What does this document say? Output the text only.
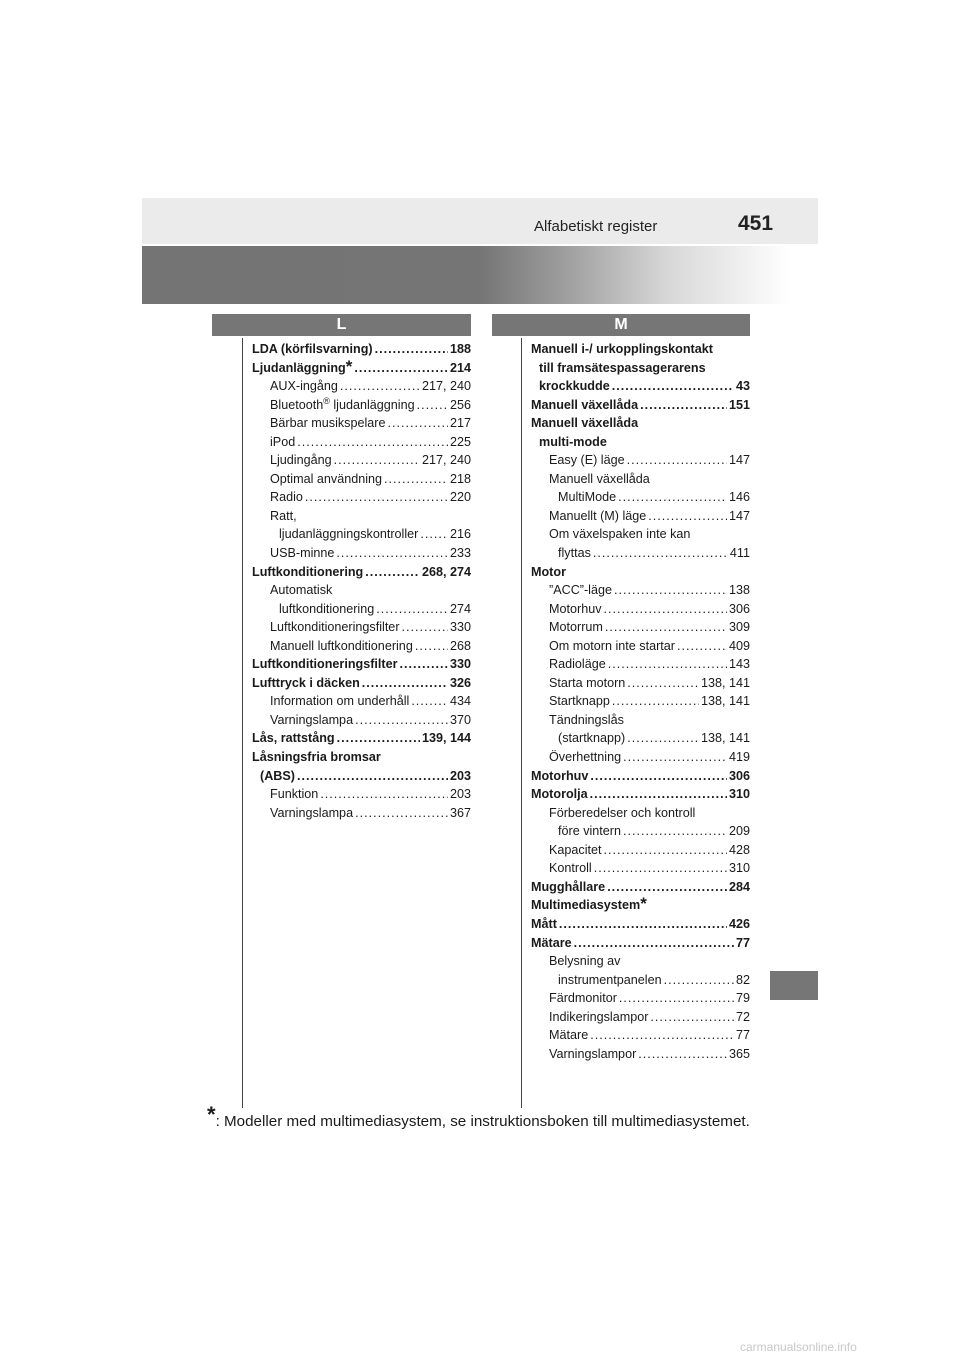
Alfabetiskt register	451
L	M
LDA (körfilsvarning) .....	188
Ljudanläggning * .....	214
AUX-ingång .....	217, 240
Bluetooth® ljudanläggning .....	256
Bärbar musikspelare .....	217
iPod .....	225
Ljudingång .....	217, 240
Optimal användning .....	218
Radio .....	220
Ratt,
ljudanläggningskontroller .....	216
USB-minne .....	233
Luftkonditionering .....	268, 274
Automatisk
luftkonditionering .....	274
Luftkonditioneringsfilter .....	330
Manuell luftkonditionering .....	268
Luftkonditioneringsfilter .....	330
Lufttryck i däcken .....	326
Information om underhåll .....	434
Varningslampa .....	370
Lås, rattstång .....	139, 144
Låsningsfria bromsar
(ABS) .....	203
Funktion .....	203
Varningslampa .....	367
Manuell i-/ urkopplingskontakt
till framsätespassagerarens
krockkudde .....	43
Manuell växellåda .....	151
Manuell växellåda
multi-mode
Easy (E) läge .....	147
Manuell växellåda
MultiMode .....	146
Manuellt (M) läge .....	147
Om växelspaken inte kan
flyttas .....	411
Motor
”ACC”-läge .....	138
Motorhuv .....	306
Motorrum .....	309
Om motorn inte startar .....	409
Radioläge .....	143
Starta motorn .....	138, 141
Startknapp .....	138, 141
Tändningslås
(startknapp) .....	138, 141
Överhettning .....	419
Motorhuv .....	306
Motorolja .....	310
Förberedelser och kontroll
före vintern .....	209
Kapacitet .....	428
Kontroll .....	310
Mugghållare .....	284
Multimediasystem *
Mått .....	426
Mätare .....	77
Belysning av
instrumentpanelen .....	82
Färdmonitor .....	79
Indikeringslampor .....	72
Mätare .....	77
Varningslampor .....	365
*: Modeller med multimediasystem, se instruktionsboken till multimediasystemet.
carmanualsonline.info
